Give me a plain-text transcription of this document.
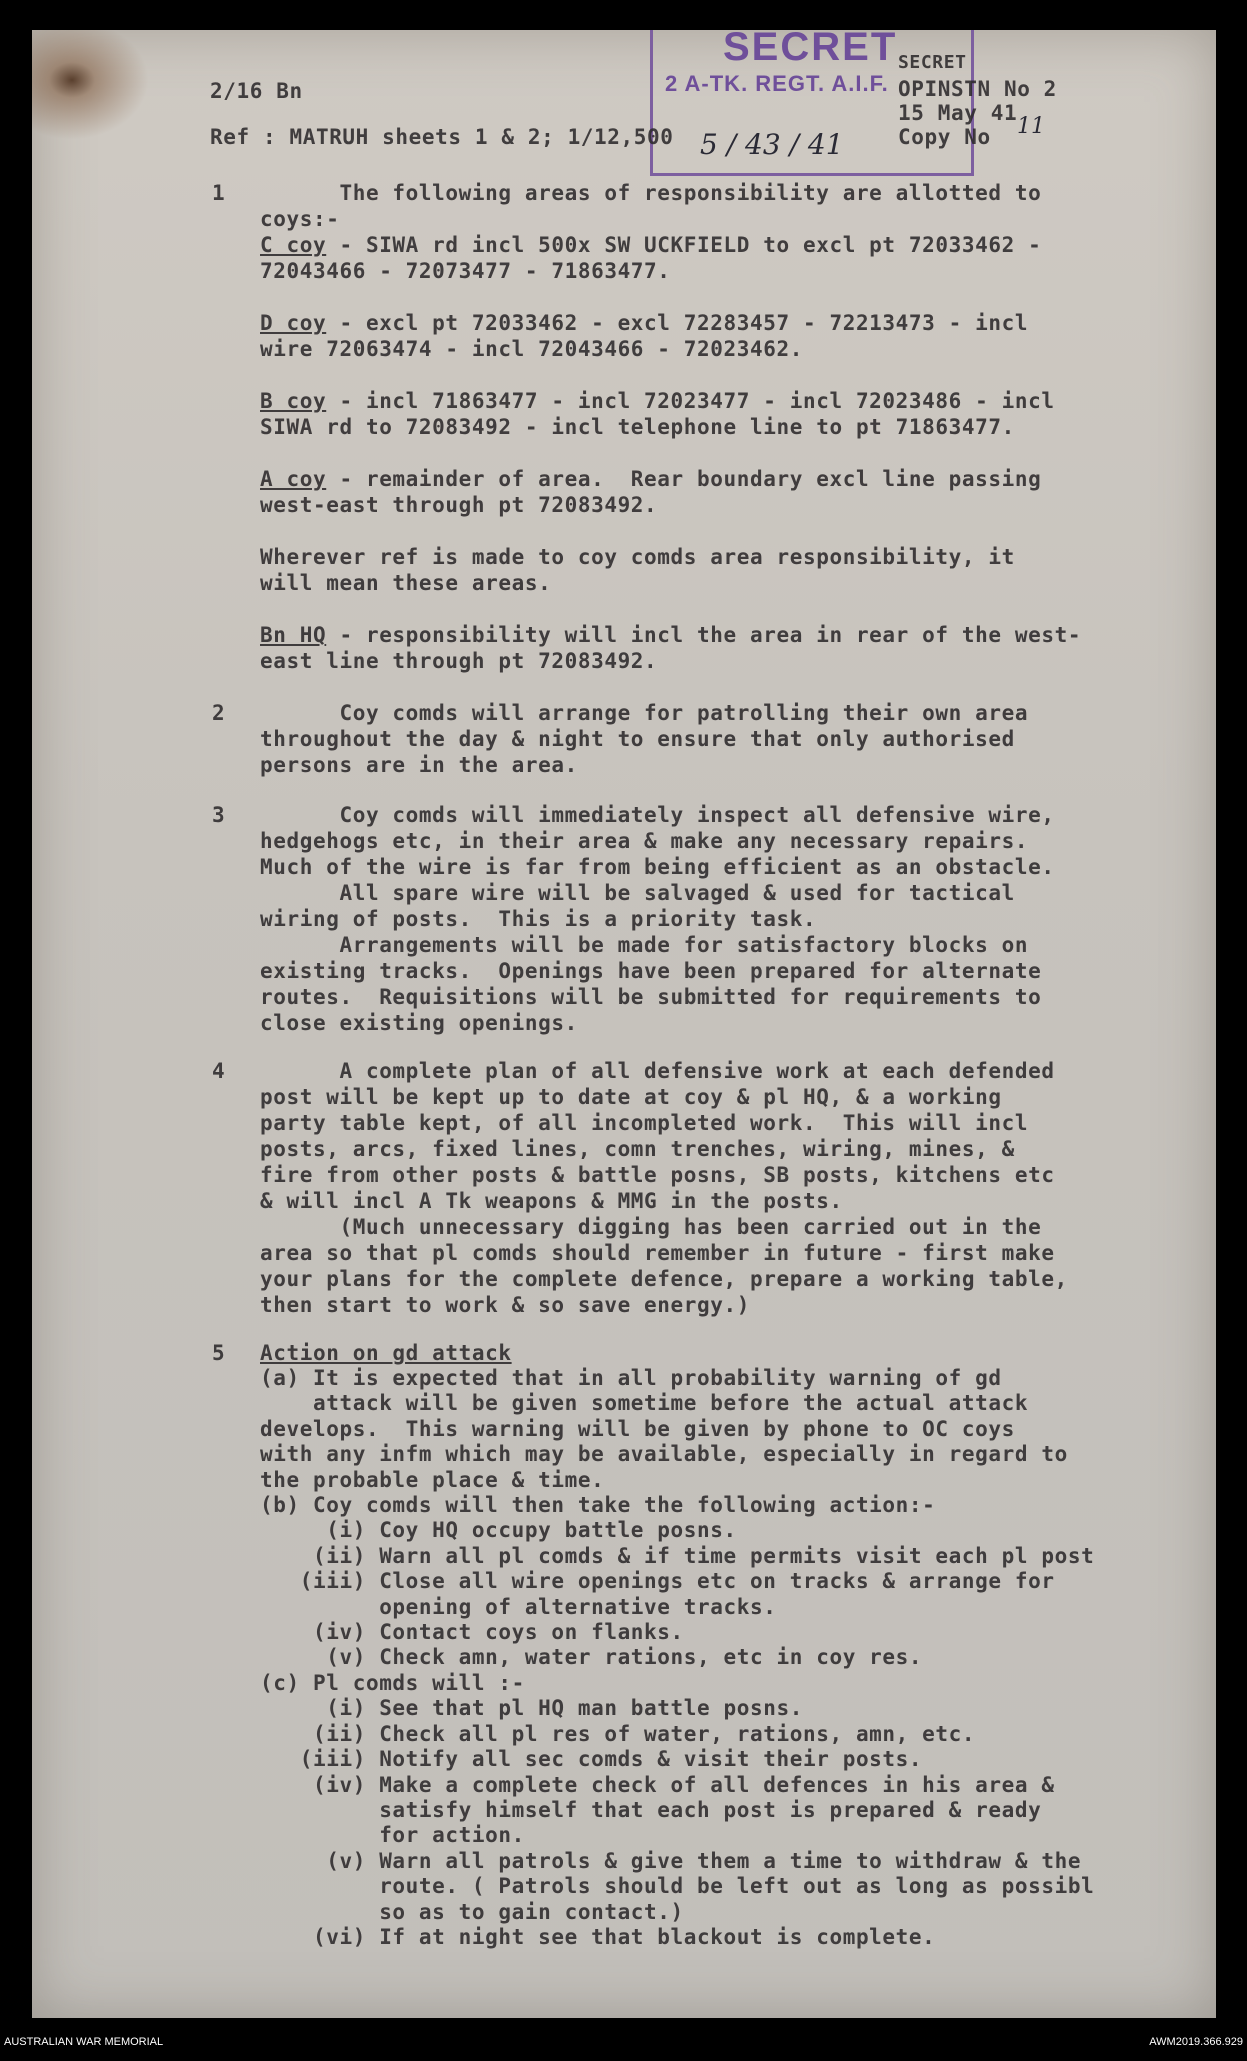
SECRET
2 A-TK. REGT. A.I.F.
5 / 43 / 41
11
2/16 Bn
Ref : MATRUH sheets 1 & 2; 1/12,500
SECRET
OPINSTN No 2
15 May 41
Copy No
1 The following areas of responsibility are allotted to
coys:-
C coy - SIWA rd incl 500x SW UCKFIELD to excl pt 72033462 -
72043466 - 72073477 - 71863477.
D coy - excl pt 72033462 - excl 72283457 - 72213473 - incl
wire 72063474 - incl 72043466 - 72023462.
B coy - incl 71863477 - incl 72023477 - incl 72023486 - incl
SIWA rd to 72083492 - incl telephone line to pt 71863477.
A coy - remainder of area.  Rear boundary excl line passing
west-east through pt 72083492.
Wherever ref is made to coy comds area responsibility, it
will mean these areas.
Bn HQ - responsibility will incl the area in rear of the west-
east line through pt 72083492.
2 Coy comds will arrange for patrolling their own area
throughout the day & night to ensure that only authorised
persons are in the area.
3 Coy comds will immediately inspect all defensive wire,
hedgehogs etc, in their area & make any necessary repairs.
Much of the wire is far from being efficient as an obstacle.
All spare wire will be salvaged & used for tactical
wiring of posts.  This is a priority task.
Arrangements will be made for satisfactory blocks on
existing tracks.  Openings have been prepared for alternate
routes.  Requisitions will be submitted for requirements to
close existing openings.
4 A complete plan of all defensive work at each defended
post will be kept up to date at coy & pl HQ, & a working
party table kept, of all incompleted work.  This will incl
posts, arcs, fixed lines, comn trenches, wiring, mines, &
fire from other posts & battle posns, SB posts, kitchens etc
& will incl A Tk weapons & MMG in the posts.
(Much unnecessary digging has been carried out in the
area so that pl comds should remember in future - first make
your plans for the complete defence, prepare a working table,
then start to work & so save energy.)
5 Action on gd attack
(a) It is expected that in all probability warning of gd
attack will be given sometime before the actual attack
develops.  This warning will be given by phone to OC coys
with any infm which may be available, especially in regard to
the probable place & time.
(b) Coy comds will then take the following action:-
(i) Coy HQ occupy battle posns.
(ii) Warn all pl comds & if time permits visit each pl post
(iii) Close all wire openings etc on tracks & arrange for
opening of alternative tracks.
(iv) Contact coys on flanks.
(v) Check amn, water rations, etc in coy res.
(c) Pl comds will :-
(i) See that pl HQ man battle posns.
(ii) Check all pl res of water, rations, amn, etc.
(iii) Notify all sec comds & visit their posts.
(iv) Make a complete check of all defences in his area &
satisfy himself that each post is prepared & ready
for action.
(v) Warn all patrols & give them a time to withdraw & the
route. ( Patrols should be left out as long as possibl
so as to gain contact.)
(vi) If at night see that blackout is complete.
AUSTRALIAN WAR MEMORIAL	AWM2019.366.929
